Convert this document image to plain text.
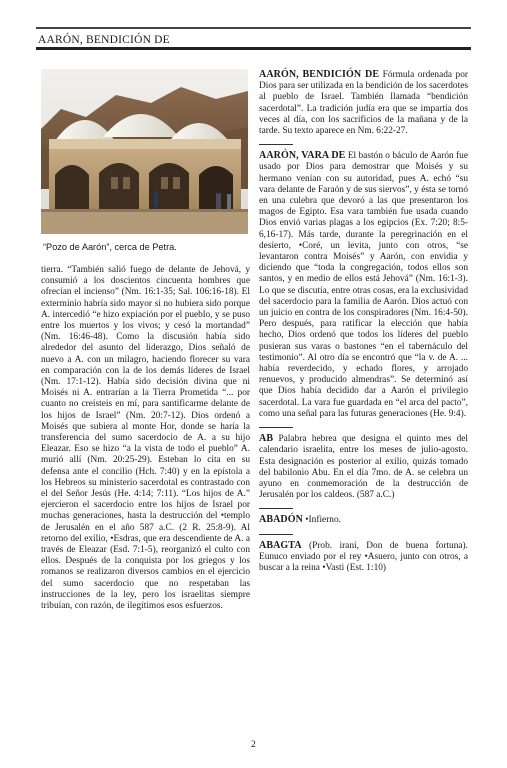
AARÓN, BENDICIÓN DE
“Pozo de Aarón”, cerca de Petra.

tierra. “También salió fuego de delante de Jehová, y consumió a los doscientos cincuenta hombres que ofrecían el incienso” (Nm. 16:1-35; Sal. 106:16-18). El exterminio habría sido mayor si no hubiera sido porque A. intercedió “e hizo expiación por el pueblo, y se puso entre los muertos y los vivos; y cesó la mortandad” (Nm. 16:46-48). Como la discusión había sido alrededor del asunto del liderazgo, Dios señaló de nuevo a A. con un milagro, haciendo florecer su vara en comparación con la de los demás líderes de Israel (Nm. 17:1-12). Había sido decisión divina que ni Moisés ni A. entrarían a la Tierra Prometida “... por cuanto no creísteis en mí, para santificarme delante de los hijos de Israel” (Nm. 20:7-12). Dios ordenó a Moisés que subiera al monte Hor, donde se haría la transferencia del sumo sacerdocio de A. a su hijo Eleazar. Eso se hizo “a la vista de todo el pueblo” A. murió allí (Nm. 20:25-29). Esteban lo cita en su defensa ante el concilio (Hch. 7:40) y en la epístola a los Hebreos su ministerio sacerdotal es contrastado con el del Señor Jesús (He. 4:14; 7:11). “Los hijos de A.” ejercieron el sacerdocio entre los hijos de Israel por muchas generaciones, hasta la destrucción del •templo de Jerusalén en el año 587 a.C. (2 R. 25:8-9). Al retorno del exilio, •Esdras, que era descendiente de A. a través de Eleazar (Esd. 7:1-5), reorganizó el culto con ellos. Después de la conquista por los griegos y los romanos se realizaron diversos cambios en el ejercicio del sumo sacerdocio que no respetaban las instrucciones de la ley, pero los israelitas siempre tribuían, con razón, de ilegítimos esos esfuerzos.

AARÓN, BENDICIÓN DE Fórmula ordenada por Dios para ser utilizada en la bendición de los sacerdotes al pueblo de Israel. También llamada “bendición sacerdotal”. La tradición judía era que se impartía dos veces al día, con los sacrificios de la mañana y de la tarde. Su texto aparece en Nm. 6:22-27.

AARÓN, VARA DE El bastón o báculo de Aarón fue usado por Dios para demostrar que Moisés y su hermano venían con su autoridad, pues A. echó “su vara delante de Faraón y de sus siervos”, y ésta se tornó en una culebra que devoró a las que presentaron los magos de Egipto. Esa vara también fue usada cuando Dios envió varias plagas a los egipcios (Ex. 7:20; 8:5-6,16-17). Más tarde, durante la peregrinación en el desierto, •Coré, un levita, junto con otros, “se levantaron contra Moisés” y Aarón, con envidia y diciendo que “toda la congregación, todos ellos son santos, y en medio de ellos está Jehová” (Nm. 16:1-3). Lo que se discutía, entre otras cosas, era la exclusividad del sacerdocio para la familia de Aarón. Dios actuó con un juicio en contra de los conspiradores (Nm. 16:4-50). Pero después, para ratificar la elección que había hecho, Dios ordenó que todos los líderes del pueblo pusieran sus varas o bastones “en el tabernáculo del testimonio”. Al otro día se encontró que “la v. de A. ... había reverdecido, y echado flores, y arrojado renuevos, y producido almendras”. Se determinó así que Dios había decidido dar a Aarón el privilegio sacerdotal. La vara fue guardada en “el arca del pacto”, como una señal para las futuras generaciones (He. 9:4).

AB Palabra hebrea que designa el quinto mes del calendario israelita, entre los meses de julio-agosto. Esta designación es posterior al exilio, quizás tomado del babilonio Abu. En el día 7mo. de A. se celebra un ayuno en conmemoración de la destrucción de Jerusalén por los caldeos. (587 a.C.)

ABADÓN •Infierno.

ABAGTA (Prob. iraní, Don de buena fortuna). Eunuco enviado por el rey •Asuero, junto con otros, a buscar a la reina •Vasti (Est. 1:10)

2
